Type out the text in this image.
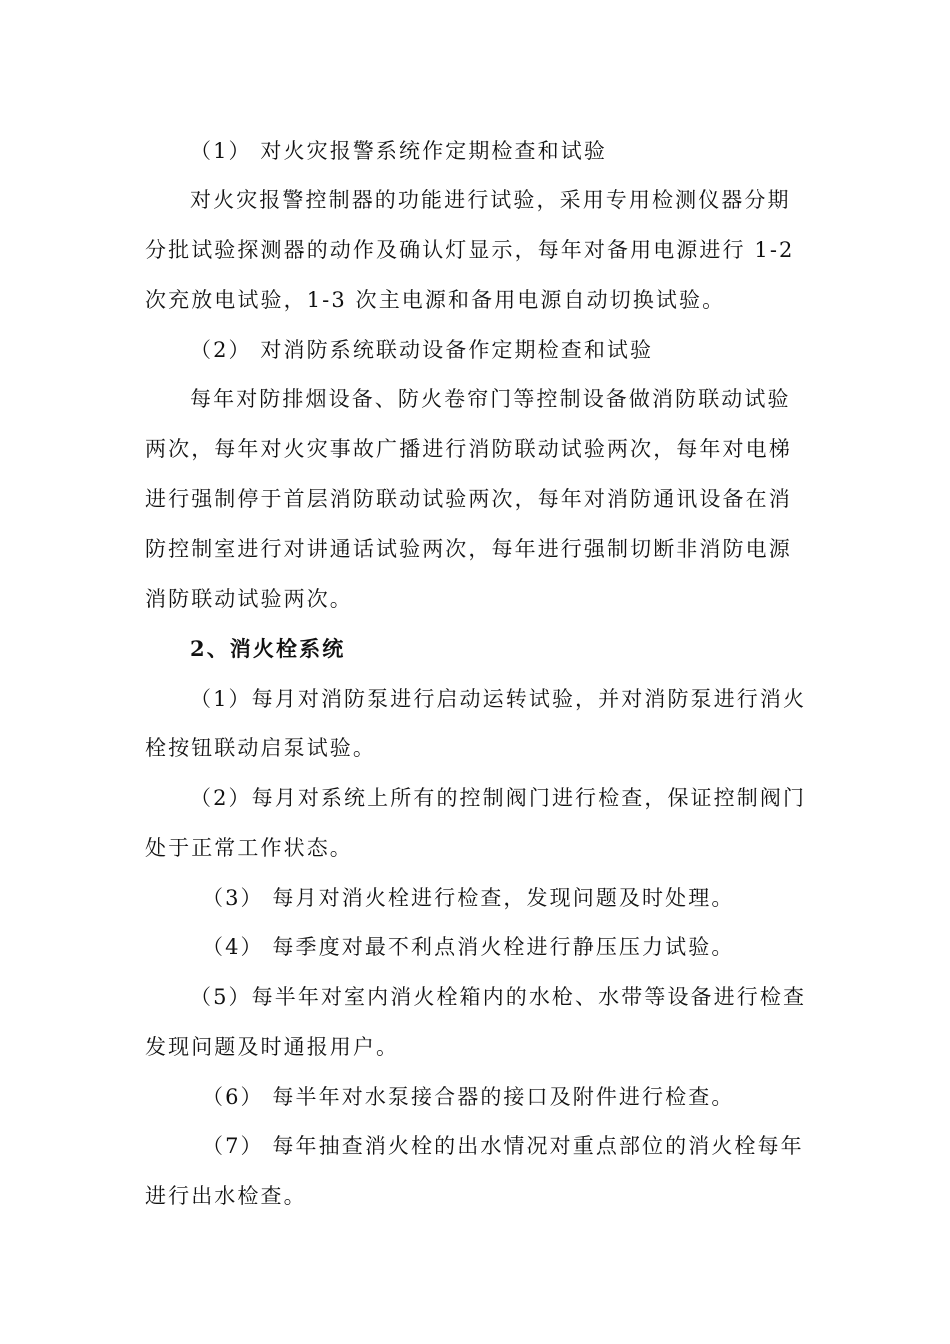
（1） 对火灾报警系统作定期检查和试验
对火灾报警控制器的功能进行试验，采用专用检测仪器分期
分批试验探测器的动作及确认灯显示，每年对备用电源进行 1-2
次充放电试验，1-3 次主电源和备用电源自动切换试验。
（2） 对消防系统联动设备作定期检查和试验
每年对防排烟设备、防火卷帘门等控制设备做消防联动试验
两次，每年对火灾事故广播进行消防联动试验两次，每年对电梯
进行强制停于首层消防联动试验两次，每年对消防通讯设备在消
防控制室进行对讲通话试验两次，每年进行强制切断非消防电源
消防联动试验两次。
2、消火栓系统
（1）每月对消防泵进行启动运转试验，并对消防泵进行消火
栓按钮联动启泵试验。
（2）每月对系统上所有的控制阀门进行检查，保证控制阀门
处于正常工作状态。
（3） 每月对消火栓进行检查，发现问题及时处理。
（4） 每季度对最不利点消火栓进行静压压力试验。
（5）每半年对室内消火栓箱内的水枪、水带等设备进行检查
发现问题及时通报用户。
（6） 每半年对水泵接合器的接口及附件进行检查。
（7） 每年抽查消火栓的出水情况对重点部位的消火栓每年
进行出水检查。
